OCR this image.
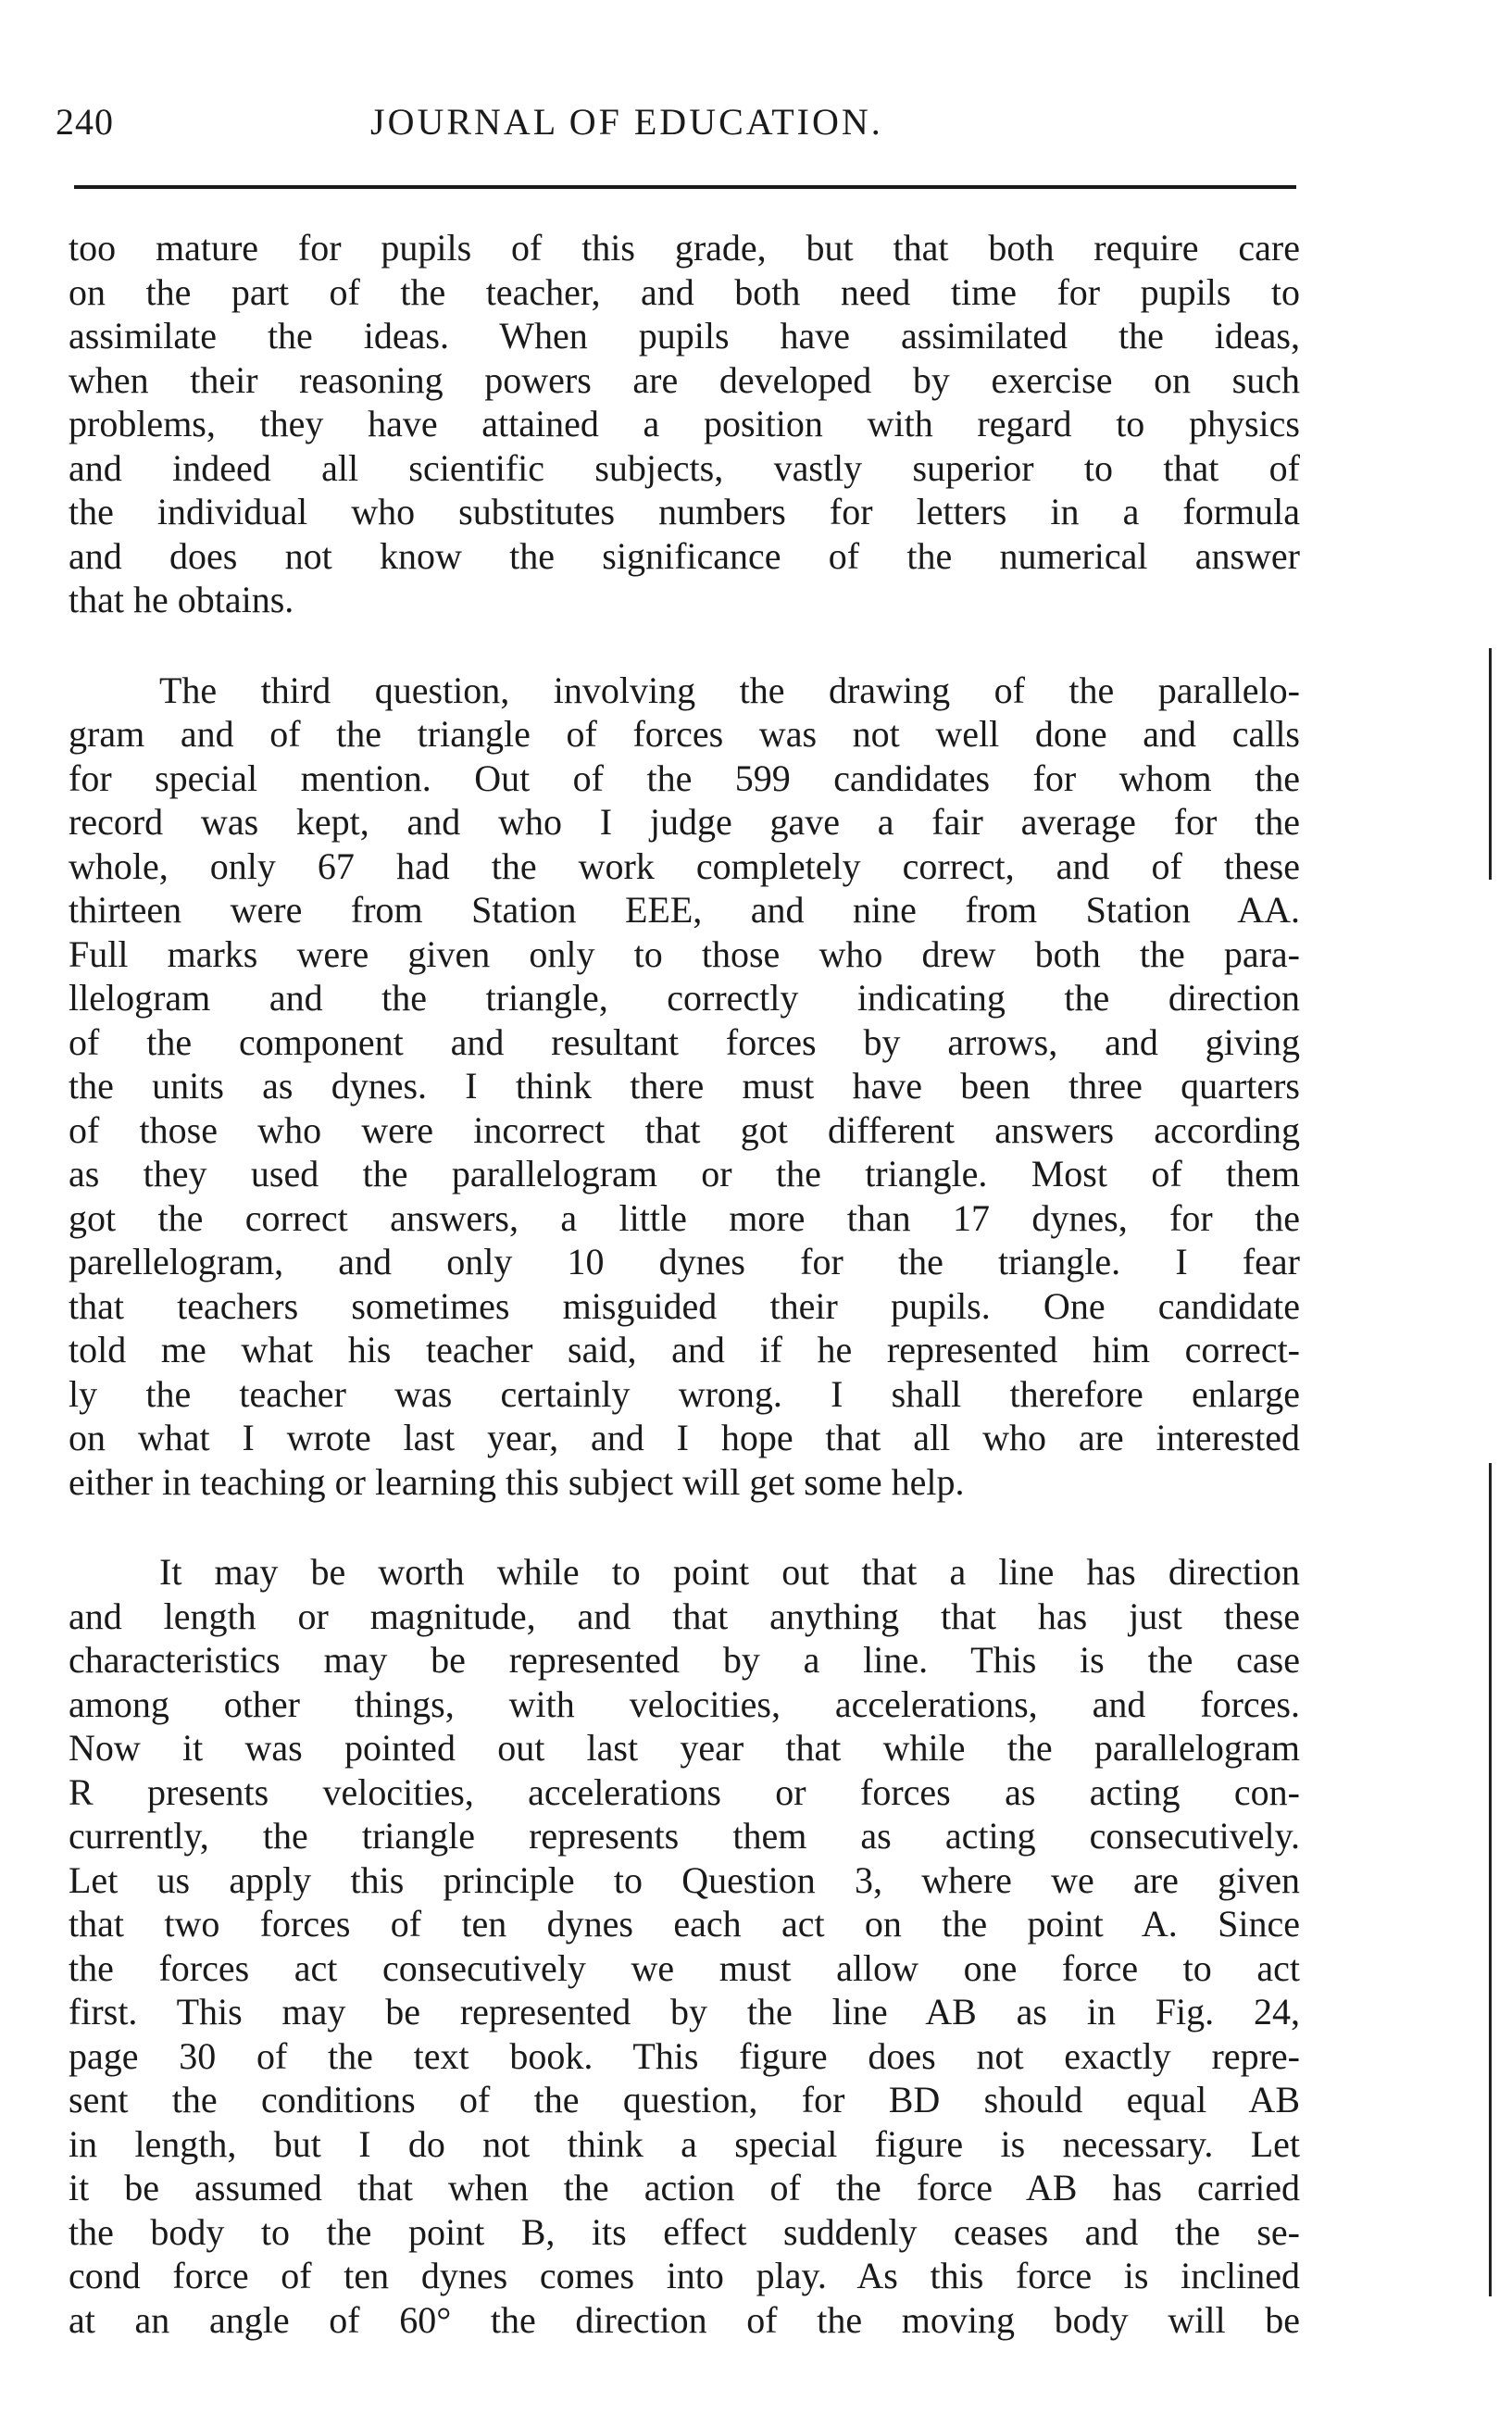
240	JOURNAL OF EDUCATION.

too mature for pupils of this grade, but that both require care
on the part of the teacher, and both need time for pupils to
assimilate the ideas. When pupils have assimilated the ideas,
when their reasoning powers are developed by exercise on such
problems, they have attained a position with regard to physics
and indeed all scientific subjects, vastly superior to that of
the individual who substitutes numbers for letters in a formula
and does not know the significance of the numerical answer
that he obtains.

The third question, involving the drawing of the parallelo-
gram and of the triangle of forces was not well done and calls
for special mention. Out of the 599 candidates for whom the
record was kept, and who I judge gave a fair average for the
whole, only 67 had the work completely correct, and of these
thirteen were from Station EEE, and nine from Station AA.
Full marks were given only to those who drew both the para-
llelogram and the triangle, correctly indicating the direction
of the component and resultant forces by arrows, and giving
the units as dynes. I think there must have been three quarters
of those who were incorrect that got different answers according
as they used the parallelogram or the triangle. Most of them
got the correct answers, a little more than 17 dynes, for the
parellelogram, and only 10 dynes for the triangle. I fear
that teachers sometimes misguided their pupils. One candidate
told me what his teacher said, and if he represented him correct-
ly the teacher was certainly wrong. I shall therefore enlarge
on what I wrote last year, and I hope that all who are interested
either in teaching or learning this subject will get some help.

It may be worth while to point out that a line has direction
and length or magnitude, and that anything that has just these
characteristics may be represented by a line. This is the case
among other things, with velocities, accelerations, and forces.
Now it was pointed out last year that while the parallelogram
R presents velocities, accelerations or forces as acting con-
currently, the triangle represents them as acting consecutively.
Let us apply this principle to Question 3, where we are given
that two forces of ten dynes each act on the point A. Since
the forces act consecutively we must allow one force to act
first. This may be represented by the line AB as in Fig. 24,
page 30 of the text book. This figure does not exactly repre-
sent the conditions of the question, for BD should equal AB
in length, but I do not think a special figure is necessary. Let
it be assumed that when the action of the force AB has carried
the body to the point B, its effect suddenly ceases and the se-
cond force of ten dynes comes into play. As this force is inclined
at an angle of 60° the direction of the moving body will be
